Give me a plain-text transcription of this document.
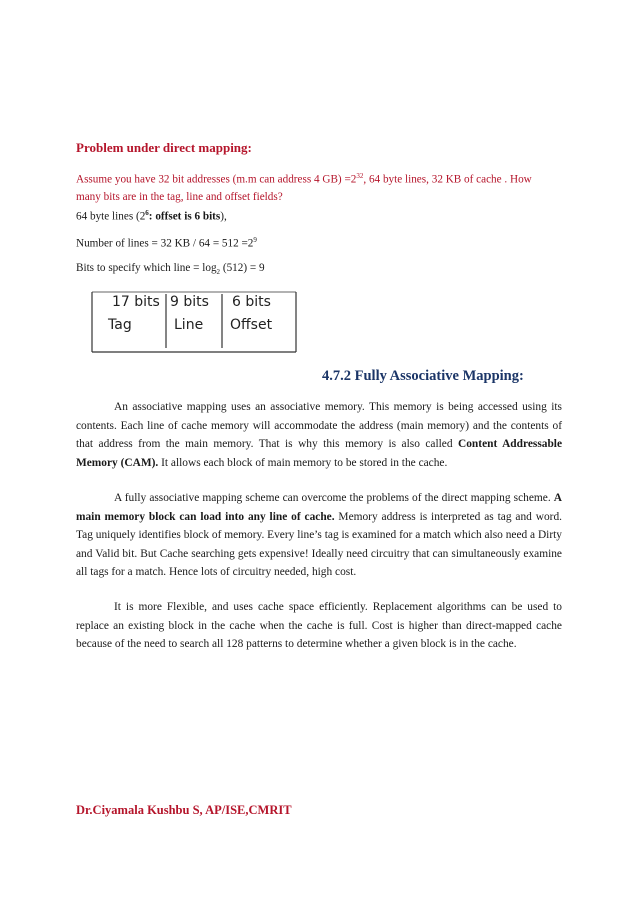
Problem under direct mapping:
Assume you have 32 bit addresses (m.m can address 4 $GB) =2^{32}$, 64 byte lines, 32 KB of cache . How
many bits are in the tag, line and offset fields?
64 byte lines ($2^6$: offset is 6 bits),
Number of lines = 32 KB / $64 = 512 =2^9$
Bits to specify which line = $\log_2 (512) = 9$
17 bits
Tag
9 bits
Line
6 bits
Offset
4.7.2 Fully Associative Mapping:

An associative mapping uses an associative memory. This memory is being accessed using its contents. Each line of cache memory will accommodate the address (main memory) and the contents of that address from the main memory. That is why this memory is also called Content Addressable Memory (CAM). It allows each block of main memory to be stored in the cache.

A fully associative mapping scheme can overcome the problems of the direct mapping scheme. A main memory block can load into any line of cache. Memory address is interpreted as tag and word. Tag uniquely identifies block of memory. Every line’s tag is examined for a match which also need a Dirty and Valid bit. But Cache searching gets expensive! Ideally need circuitry that can simultaneously examine all tags for a match. Hence lots of circuitry needed, high cost.

It is more Flexible, and uses cache space efficiently. Replacement algorithms can be used to replace an existing block in the cache when the cache is full. Cost is higher than direct-mapped cache because of the need to search all 128 patterns to determine whether a given block is in the cache.

Dr.Ciyamala Kushbu S, AP/ISE,CMRIT
